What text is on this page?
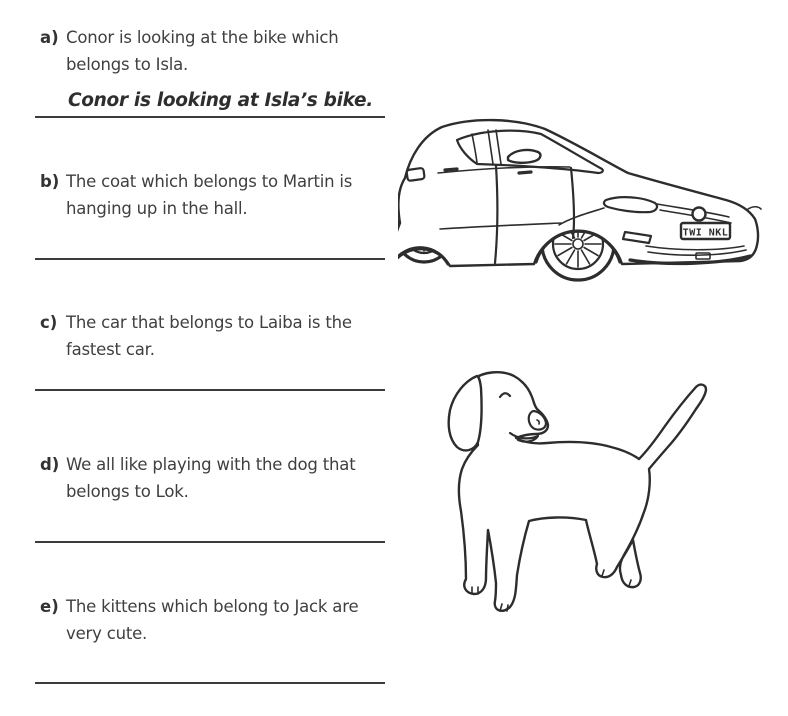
a) Conor is looking at the bike which
belongs to Isla.
Conor is looking at Isla’s bike.
b) The coat which belongs to Martin is
hanging up in the hall.
c) The car that belongs to Laiba is the
fastest car.
d) We all like playing with the dog that
belongs to Lok.
e) The kittens which belong to Jack are
very cute.
TWI NKL
